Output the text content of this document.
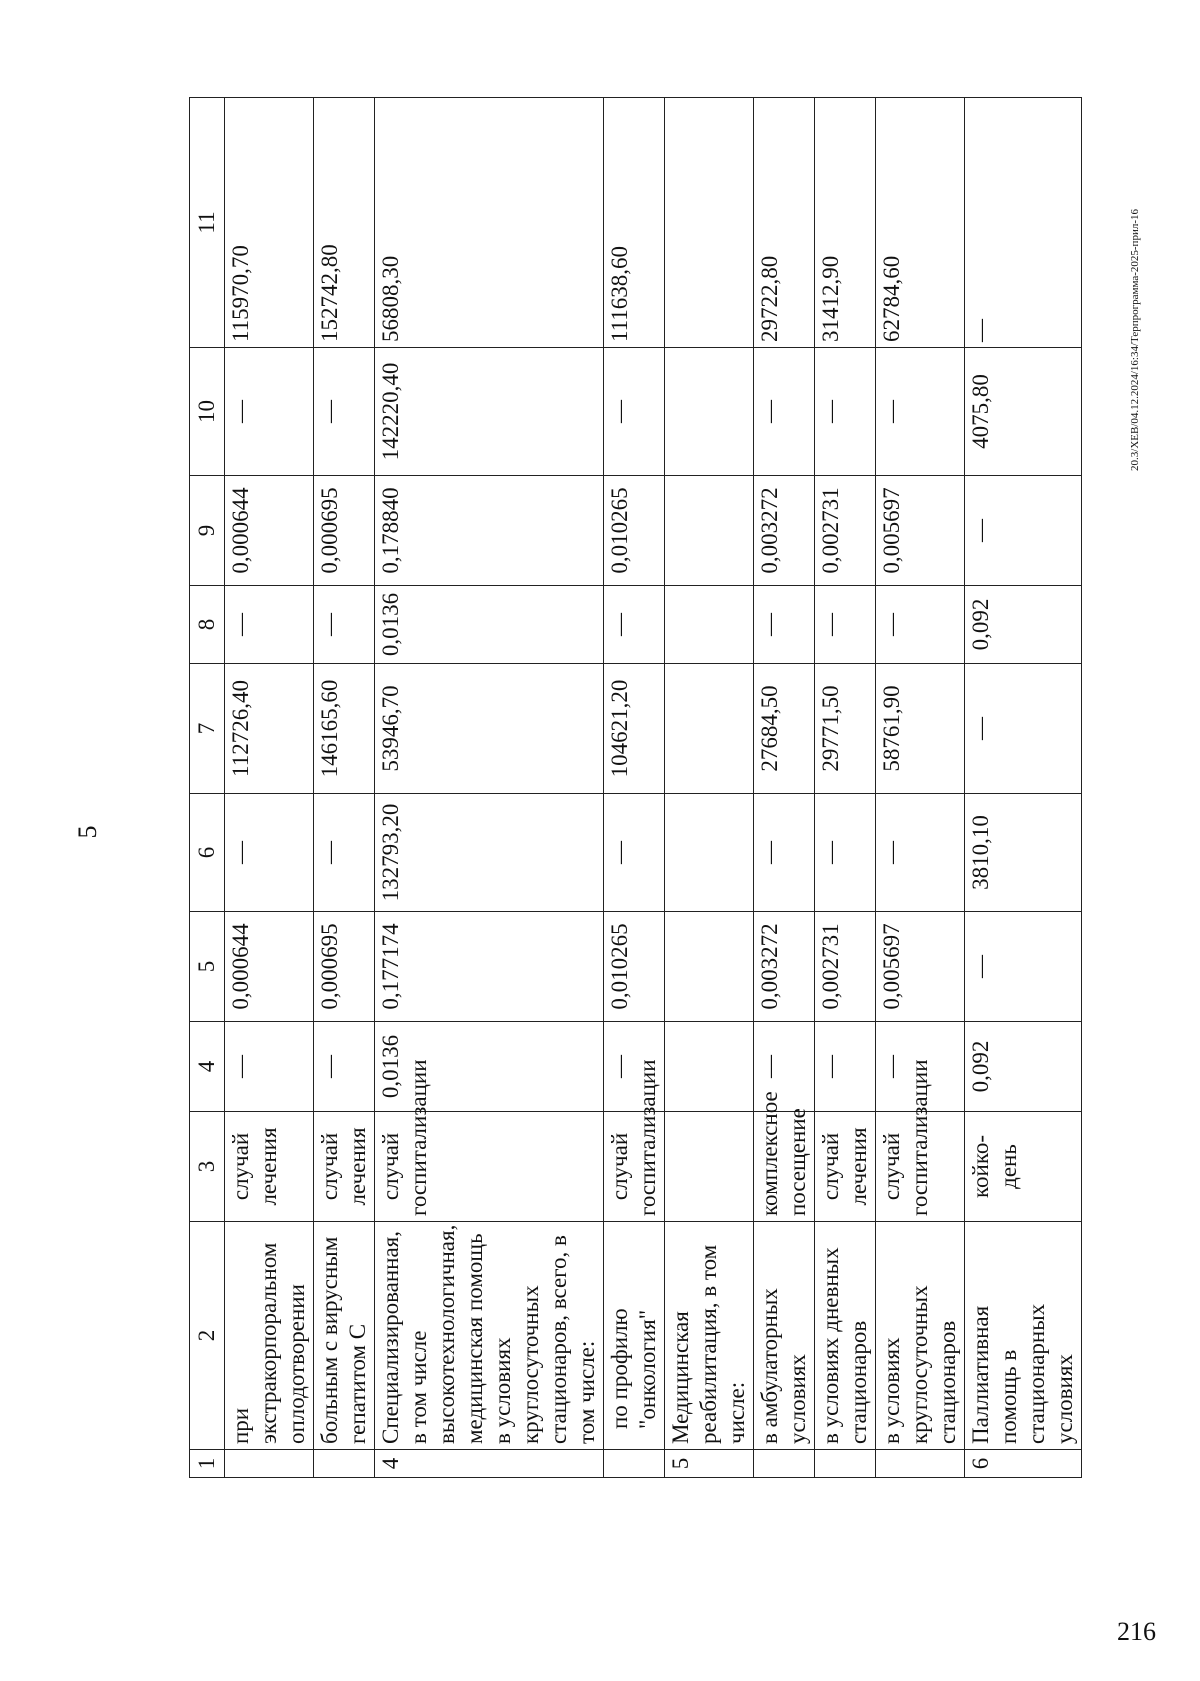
5
20.3/ХЕВ/04.12.2024/16:34/Терпрограмма-2025-прил-16
216
1	2	3	4	5	6	7	8	9	10	11
	при экстракорпоральном оплодотворении	случай лечения	—	0,000644	—	112726,40	—	0,000644	—	115970,70
	больным с вирусным гепатитом С	случай лечения	—	0,000695	—	146165,60	—	0,000695	—	152742,80
4	Специализированная, в том числе высокотехнологичная, медицинская помощь в условиях круглосуточных стационаров, всего, в том числе:	случай госпитализации	0,0136	0,177174	132793,20	53946,70	0,0136	0,178840	142220,40	56808,30
	по профилю "онкология"	случай госпитализации	—	0,010265	—	104621,20	—	0,010265	—	111638,60
5	Медицинская реабилитация, в том числе:									
	в амбулаторных условиях	комплексное посещение	—	0,003272	—	27684,50	—	0,003272	—	29722,80
	в условиях дневных стационаров	случай лечения	—	0,002731	—	29771,50	—	0,002731	—	31412,90
	в условиях круглосуточных стационаров	случай госпитализации	—	0,005697	—	58761,90	—	0,005697	—	62784,60
6	Паллиативная помощь в стационарных условиях	койко-день	0,092	—	3810,10	—	0,092	—	4075,80	—
